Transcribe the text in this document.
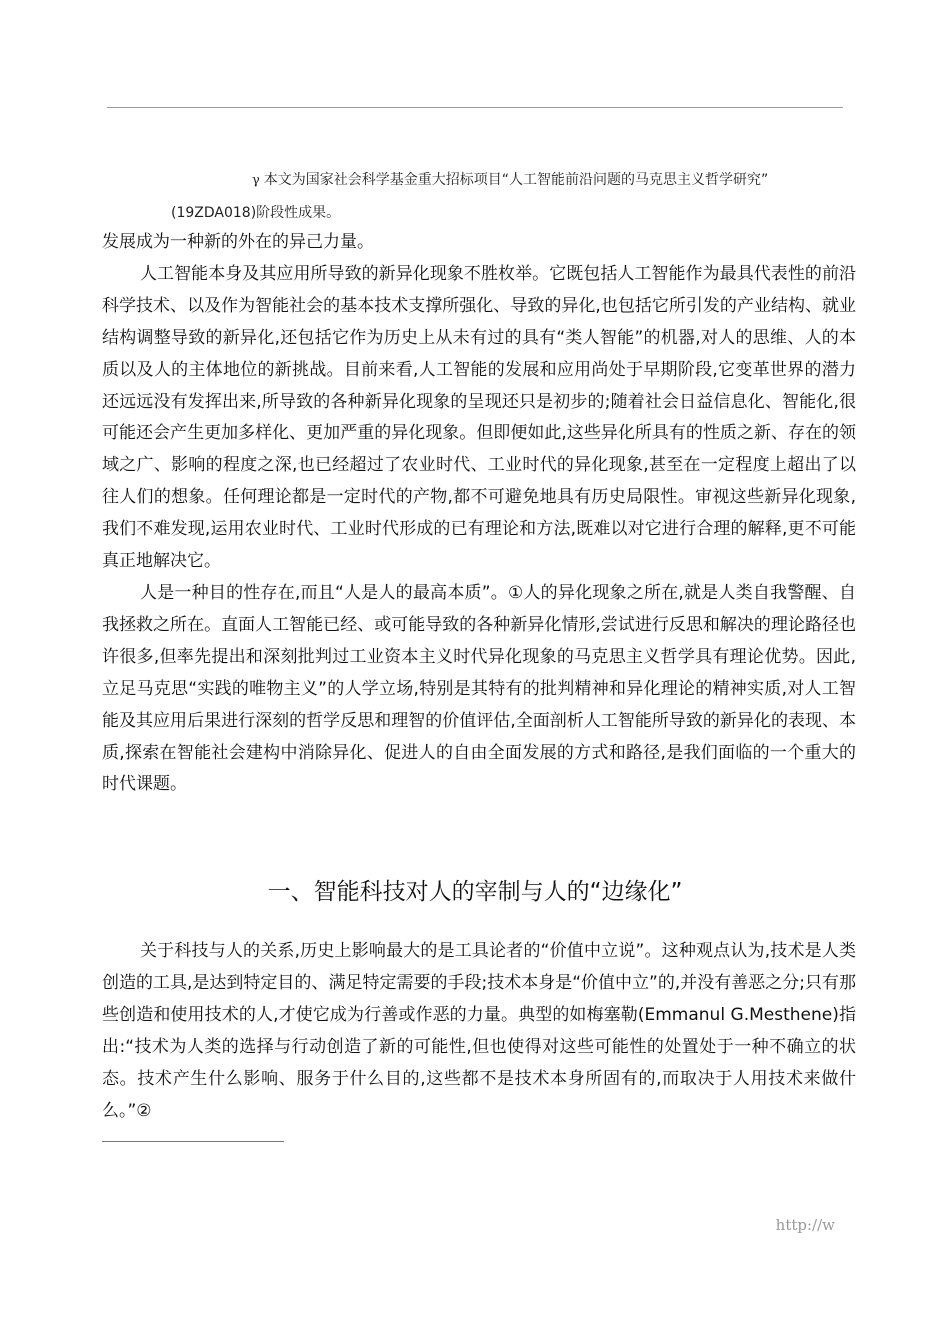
γ 本文为国家社会科学基金重大招标项目“人工智能前沿问题的马克思主义哲学研究”
(19ZDA018)阶段性成果。

发展成为一种新的外在的异己力量。

人工智能本身及其应用所导致的新异化现象不胜枚举。它既包括人工智能作为最具代表性的前沿科学技术、以及作为智能社会的基本技术支撑所强化、导致的异化,也包括它所引发的产业结构、就业结构调整导致的新异化,还包括它作为历史上从未有过的具有“类人智能”的机器,对人的思维、人的本质以及人的主体地位的新挑战。目前来看,人工智能的发展和应用尚处于早期阶段,它变革世界的潜力还远远没有发挥出来,所导致的各种新异化现象的呈现还只是初步的;随着社会日益信息化、智能化,很可能还会产生更加多样化、更加严重的异化现象。但即便如此,这些异化所具有的性质之新、存在的领域之广、影响的程度之深,也已经超过了农业时代、工业时代的异化现象,甚至在一定程度上超出了以往人们的想象。任何理论都是一定时代的产物,都不可避免地具有历史局限性。审视这些新异化现象,我们不难发现,运用农业时代、工业时代形成的已有理论和方法,既难以对它进行合理的解释,更不可能真正地解决它。

人是一种目的性存在,而且“人是人的最高本质”。①人的异化现象之所在,就是人类自我警醒、自我拯救之所在。直面人工智能已经、或可能导致的各种新异化情形,尝试进行反思和解决的理论路径也许很多,但率先提出和深刻批判过工业资本主义时代异化现象的马克思主义哲学具有理论优势。因此,立足马克思“实践的唯物主义”的人学立场,特别是其特有的批判精神和异化理论的精神实质,对人工智能及其应用后果进行深刻的哲学反思和理智的价值评估,全面剖析人工智能所导致的新异化的表现、本质,探索在智能社会建构中消除异化、促进人的自由全面发展的方式和路径,是我们面临的一个重大的时代课题。

一、智能科技对人的宰制与人的“边缘化”

关于科技与人的关系,历史上影响最大的是工具论者的“价值中立说”。这种观点认为,技术是人类创造的工具,是达到特定目的、满足特定需要的手段;技术本身是“价值中立”的,并没有善恶之分;只有那些创造和使用技术的人,才使它成为行善或作恶的力量。典型的如梅塞勒(Emmanul G.Mesthene)指出:“技术为人类的选择与行动创造了新的可能性,但也使得对这些可能性的处置处于一种不确立的状态。技术产生什么影响、服务于什么目的,这些都不是技术本身所固有的,而取决于人用技术来做什么。”②

http://w
